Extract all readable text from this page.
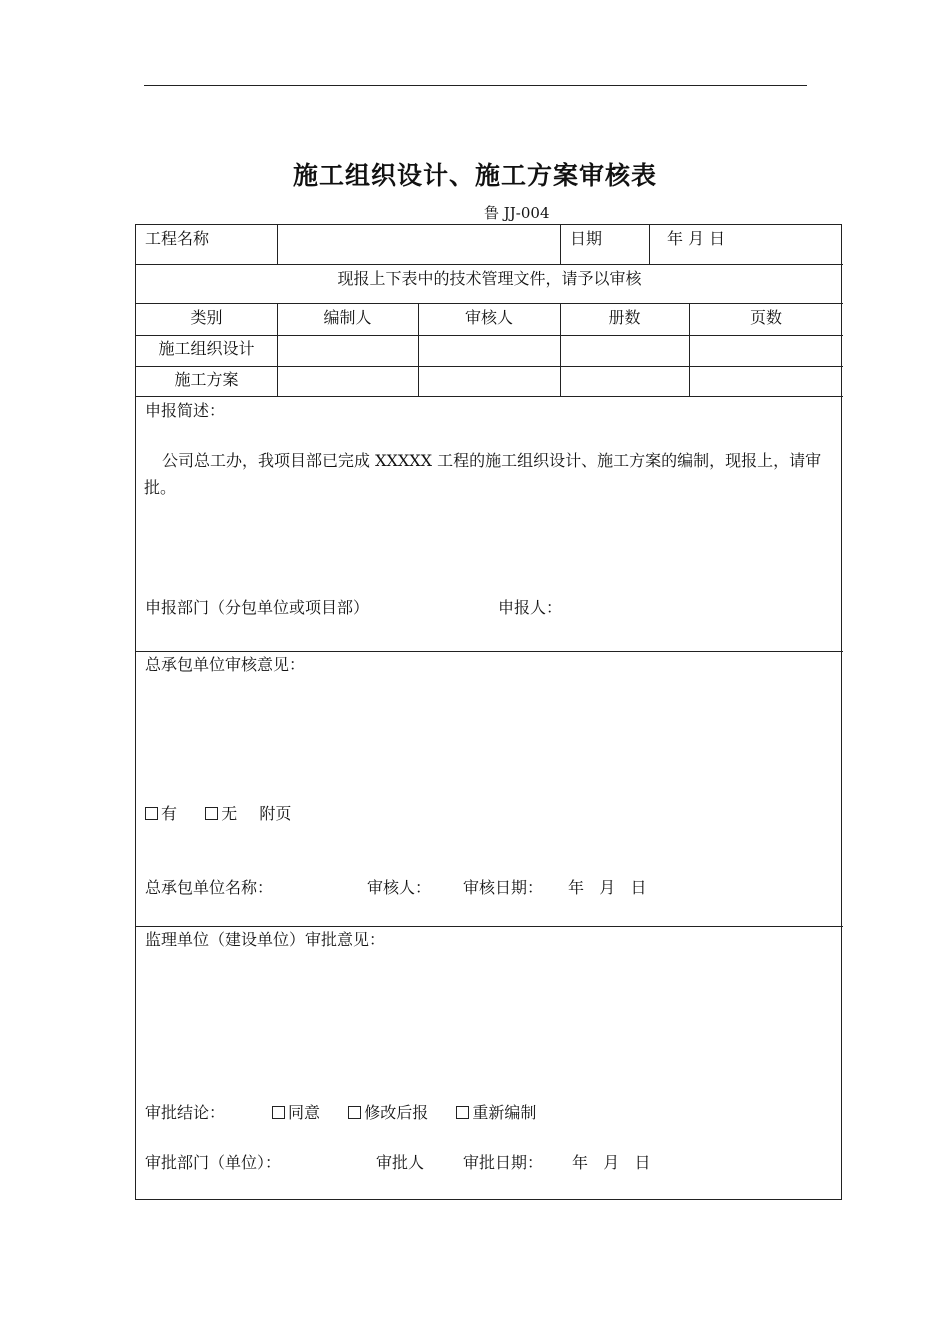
施工组织设计、施工方案审核表
鲁 JJ-004
工程名称	日期	年 月 日
现报上下表中的技术管理文件，请予以审核
类别	编制人	审核人	册数	页数
施工组织设计
施工方案
申报简述：
公司总工办，我项目部已完成 XXXXX 工程的施工组织设计、施工方案的编制，现报上，请审批。
申报部门（分包单位或项目部）	申报人：
总承包单位审核意见：
有	无 附页
总承包单位名称：	审核人： 审核日期： 年   月   日
监理单位（建设单位）审批意见：
审批结论：	同意	修改后报	重新编制
审批部门（单位）：	审批人 审批日期： 年   月   日
